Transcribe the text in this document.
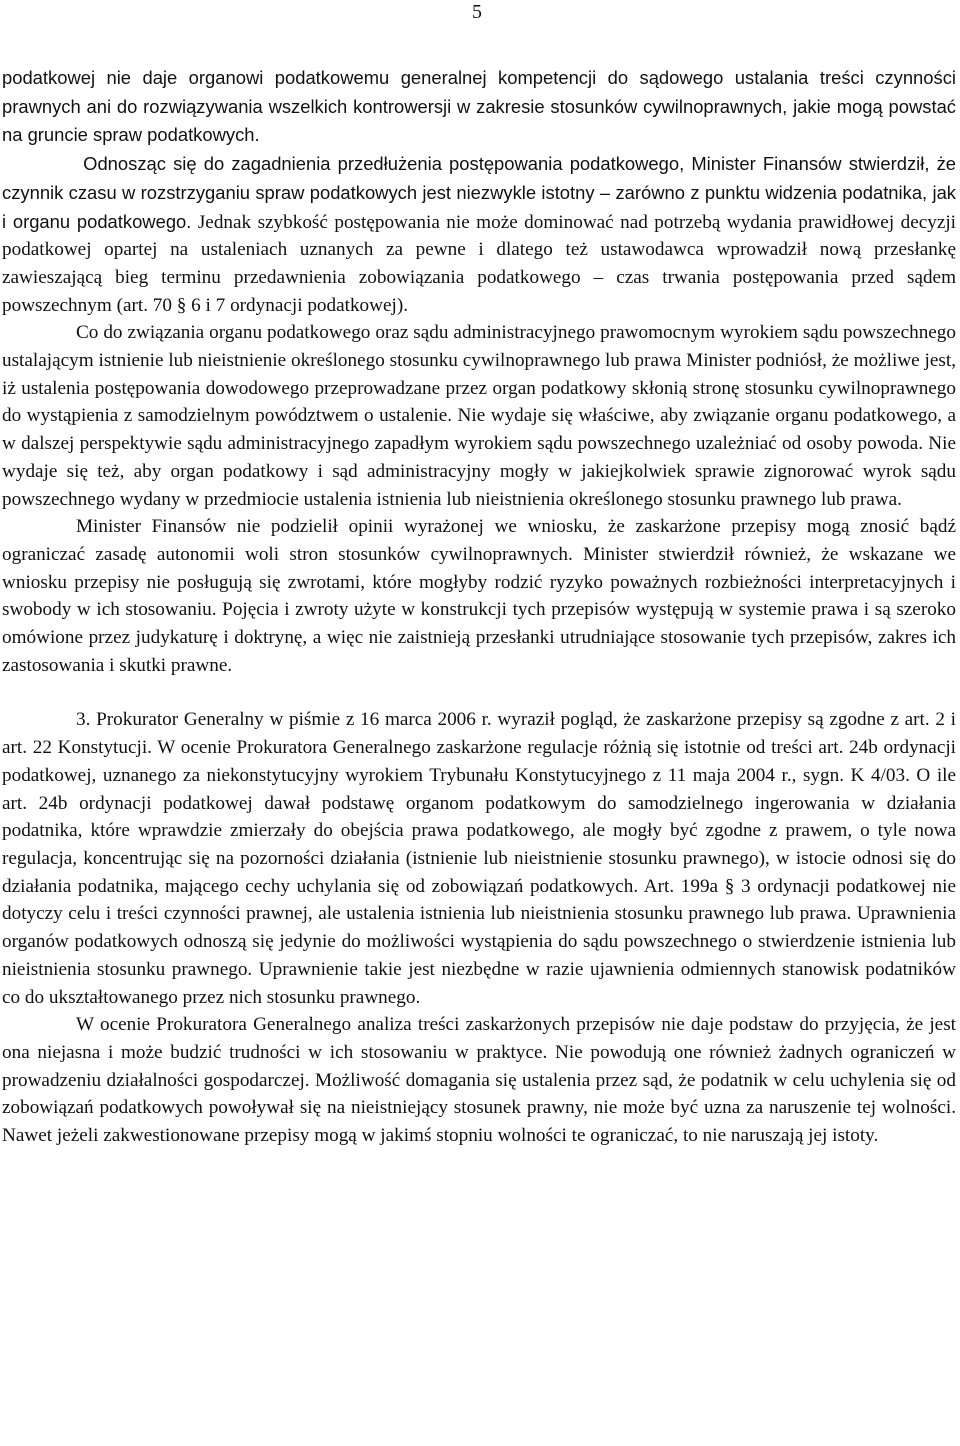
5

podatkowej nie daje organowi podatkowemu generalnej kompetencji do sądowego ustalania treści czynności prawnych ani do rozwiązywania wszelkich kontrowersji w zakresie stosunków cywilnoprawnych, jakie mogą powstać na gruncie spraw podatkowych.
Odnosząc się do zagadnienia przedłużenia postępowania podatkowego, Minister Finansów stwierdził, że czynnik czasu w rozstrzyganiu spraw podatkowych jest niezwykle istotny – zarówno z punktu widzenia podatnika, jak i organu podatkowego. Jednak szybkość postępowania nie może dominować nad potrzebą wydania prawidłowej decyzji podatkowej opartej na ustaleniach uznanych za pewne i dlatego też ustawodawca wprowadził nową przesłankę zawieszającą bieg terminu przedawnienia zobowiązania podatkowego – czas trwania postępowania przed sądem powszechnym (art. 70 § 6 i 7 ordynacji podatkowej).

Co do związania organu podatkowego oraz sądu administracyjnego prawomocnym wyrokiem sądu powszechnego ustalającym istnienie lub nieistnienie określonego stosunku cywilnoprawnego lub prawa Minister podniósł, że możliwe jest, iż ustalenia postępowania dowodowego przeprowadzane przez organ podatkowy skłonią stronę stosunku cywilnoprawnego do wystąpienia z samodzielnym powództwem o ustalenie. Nie wydaje się właściwe, aby związanie organu podatkowego, a w dalszej perspektywie sądu administracyjnego zapadłym wyrokiem sądu powszechnego uzależniać od osoby powoda. Nie wydaje się też, aby organ podatkowy i sąd administracyjny mogły w jakiejkolwiek sprawie zignorować wyrok sądu powszechnego wydany w przedmiocie ustalenia istnienia lub nieistnienia określonego stosunku prawnego lub prawa.

Minister Finansów nie podzielił opinii wyrażonej we wniosku, że zaskarżone przepisy mogą znosić bądź ograniczać zasadę autonomii woli stron stosunków cywilnoprawnych. Minister stwierdził również, że wskazane we wniosku przepisy nie posługują się zwrotami, które mogłyby rodzić ryzyko poważnych rozbieżności interpretacyjnych i swobody w ich stosowaniu. Pojęcia i zwroty użyte w konstrukcji tych przepisów występują w systemie prawa i są szeroko omówione przez judykaturę i doktrynę, a więc nie zaistnieją przesłanki utrudniające stosowanie tych przepisów, zakres ich zastosowania i skutki prawne.

3. Prokurator Generalny w piśmie z 16 marca 2006 r. wyraził pogląd, że zaskarżone przepisy są zgodne z art. 2 i art. 22 Konstytucji. W ocenie Prokuratora Generalnego zaskarżone regulacje różnią się istotnie od treści art. 24b ordynacji podatkowej, uznanego za niekonstytucyjny wyrokiem Trybunału Konstytucyjnego z 11 maja 2004 r., sygn. K 4/03. O ile art. 24b ordynacji podatkowej dawał podstawę organom podatkowym do samodzielnego ingerowania w działania podatnika, które wprawdzie zmierzały do obejścia prawa podatkowego, ale mogły być zgodne z prawem, o tyle nowa regulacja, koncentrując się na pozorności działania (istnienie lub nieistnienie stosunku prawnego), w istocie odnosi się do działania podatnika, mającego cechy uchylania się od zobowiązań podatkowych. Art. 199a § 3 ordynacji podatkowej nie dotyczy celu i treści czynności prawnej, ale ustalenia istnienia lub nieistnienia stosunku prawnego lub prawa. Uprawnienia organów podatkowych odnoszą się jedynie do możliwości wystąpienia do sądu powszechnego o stwierdzenie istnienia lub nieistnienia stosunku prawnego. Uprawnienie takie jest niezbędne w razie ujawnienia odmiennych stanowisk podatników co do ukształtowanego przez nich stosunku prawnego.

W ocenie Prokuratora Generalnego analiza treści zaskarżonych przepisów nie daje podstaw do przyjęcia, że jest ona niejasna i może budzić trudności w ich stosowaniu w praktyce. Nie powodują one również żadnych ograniczeń w prowadzeniu działalności gospodarczej. Możliwość domagania się ustalenia przez sąd, że podatnik w celu uchylenia się od zobowiązań podatkowych powoływał się na nieistniejący stosunek prawny, nie może być uzna za naruszenie tej wolności. Nawet jeżeli zakwestionowane przepisy mogą w jakimś stopniu wolności te ograniczać, to nie naruszają jej istoty.
